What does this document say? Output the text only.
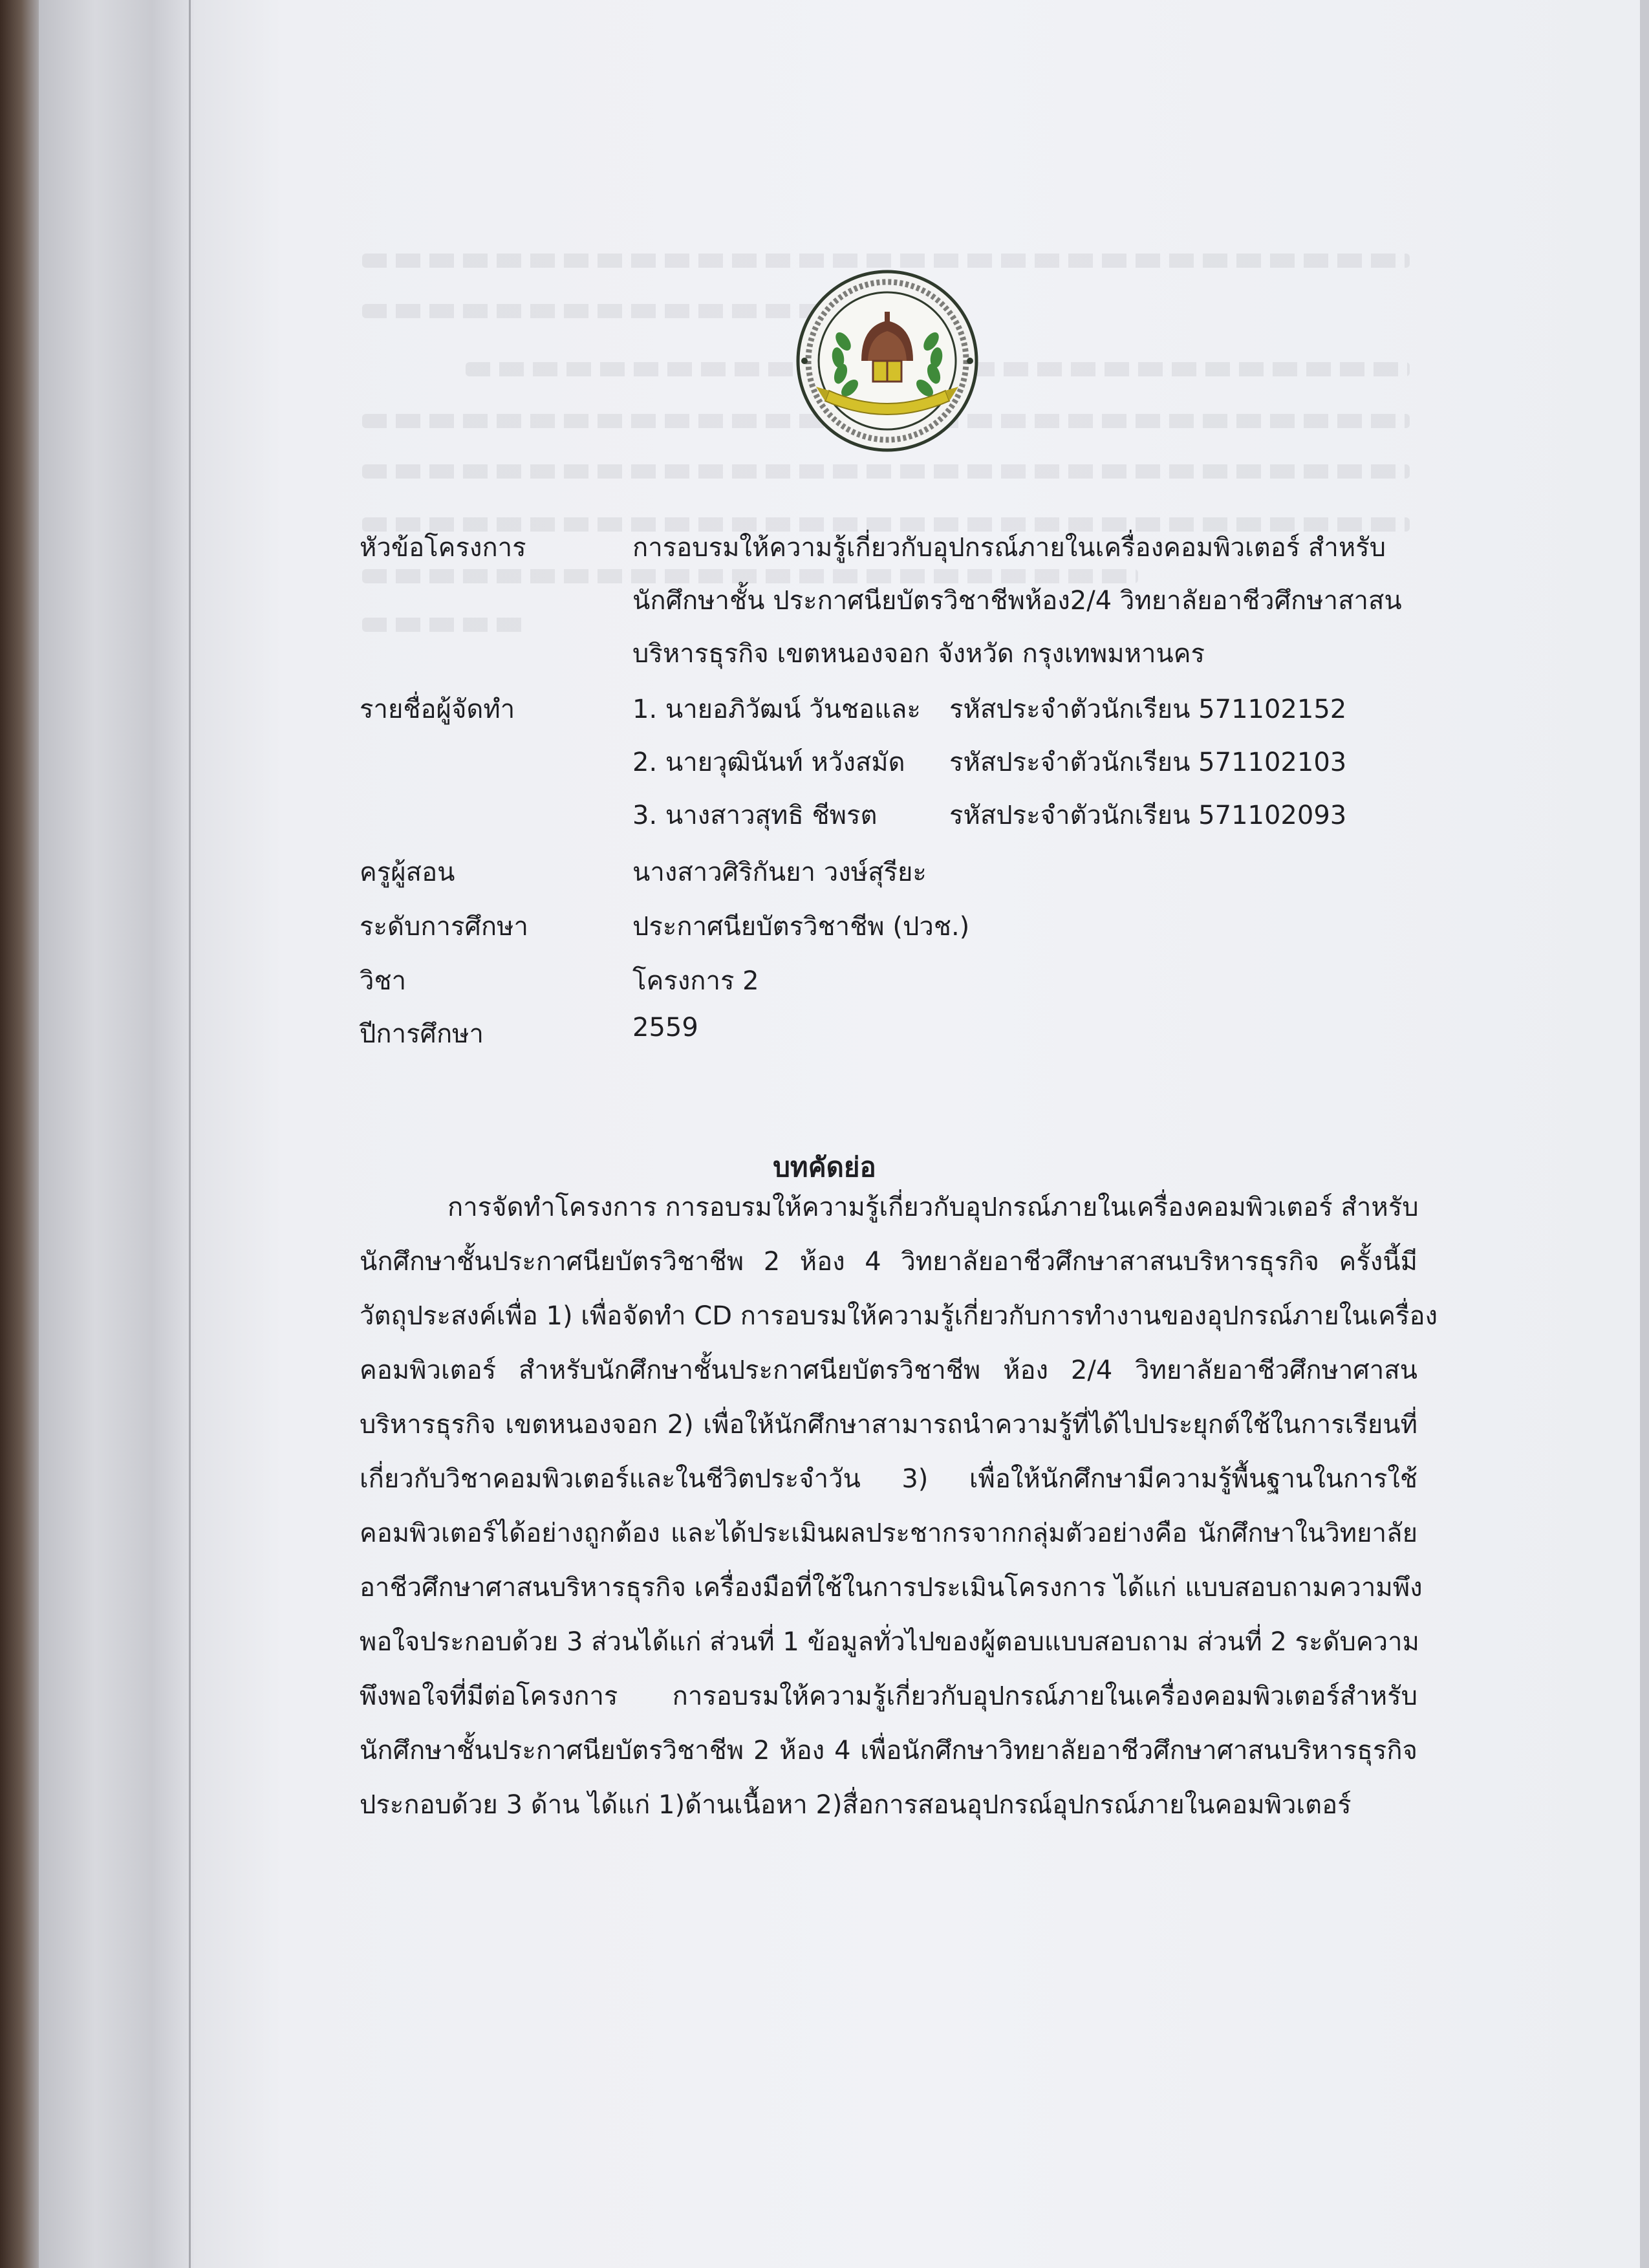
หัวข้อโครงการ	การอบรมให้ความรู้เกี่ยวกับอุปกรณ์ภายในเครื่องคอมพิวเตอร์ สำหรับ
นักศึกษาชั้น ประกาศนียบัตรวิชาชีพห้อง2/4 วิทยาลัยอาชีวศึกษาสาสน
บริหารธุรกิจ เขตหนองจอก จังหวัด กรุงเทพมหานคร
รายชื่อผู้จัดทำ	1. นายอภิวัฒน์ วันชอและ รหัสประจำตัวนักเรียน 571102152
2. นายวุฒินันท์ หวังสมัด รหัสประจำตัวนักเรียน 571102103
3. นางสาวสุทธิ ชีพรต	รหัสประจำตัวนักเรียน 571102093
ครูผู้สอน	นางสาวศิริกันยา วงษ์สุรียะ
ระดับการศึกษา	ประกาศนียบัตรวิชาชีพ (ปวช.)
วิชา	โครงการ 2
ปีการศึกษา	2559
บทคัดย่อ
การจัดทำโครงการ การอบรมให้ความรู้เกี่ยวกับอุปกรณ์ภายในเครื่องคอมพิวเตอร์ สำหรับ
นักศึกษาชั้นประกาศนียบัตรวิชาชีพ 2 ห้อง 4 วิทยาลัยอาชีวศึกษาสาสนบริหารธุรกิจ ครั้งนี้มี
วัตถุประสงค์เพื่อ 1) เพื่อจัดทำ CD การอบรมให้ความรู้เกี่ยวกับการทำงานของอุปกรณ์ภายในเครื่อง
คอมพิวเตอร์ สำหรับนักศึกษาชั้นประกาศนียบัตรวิชาชีพ ห้อง 2/4 วิทยาลัยอาชีวศึกษาศาสน
บริหารธุรกิจ เขตหนองจอก 2) เพื่อให้นักศึกษาสามารถนำความรู้ที่ได้ไปประยุกต์ใช้ในการเรียนที่
เกี่ยวกับวิชาคอมพิวเตอร์และในชีวิตประจำวัน 3) เพื่อให้นักศึกษามีความรู้พื้นฐานในการใช้
คอมพิวเตอร์ได้อย่างถูกต้อง และได้ประเมินผลประชากรจากกลุ่มตัวอย่างคือ นักศึกษาในวิทยาลัย
อาชีวศึกษาศาสนบริหารธุรกิจ เครื่องมือที่ใช้ในการประเมินโครงการ ได้แก่ แบบสอบถามความพึง
พอใจประกอบด้วย 3 ส่วนได้แก่ ส่วนที่ 1 ข้อมูลทั่วไปของผู้ตอบแบบสอบถาม ส่วนที่ 2 ระดับความ
พึงพอใจที่มีต่อโครงการ การอบรมให้ความรู้เกี่ยวกับอุปกรณ์ภายในเครื่องคอมพิวเตอร์สำหรับ
นักศึกษาชั้นประกาศนียบัตรวิชาชีพ 2 ห้อง 4 เพื่อนักศึกษาวิทยาลัยอาชีวศึกษาศาสนบริหารธุรกิจ
ประกอบด้วย 3 ด้าน ได้แก่ 1)ด้านเนื้อหา 2)สื่อการสอนอุปกรณ์อุปกรณ์ภายในคอมพิวเตอร์
